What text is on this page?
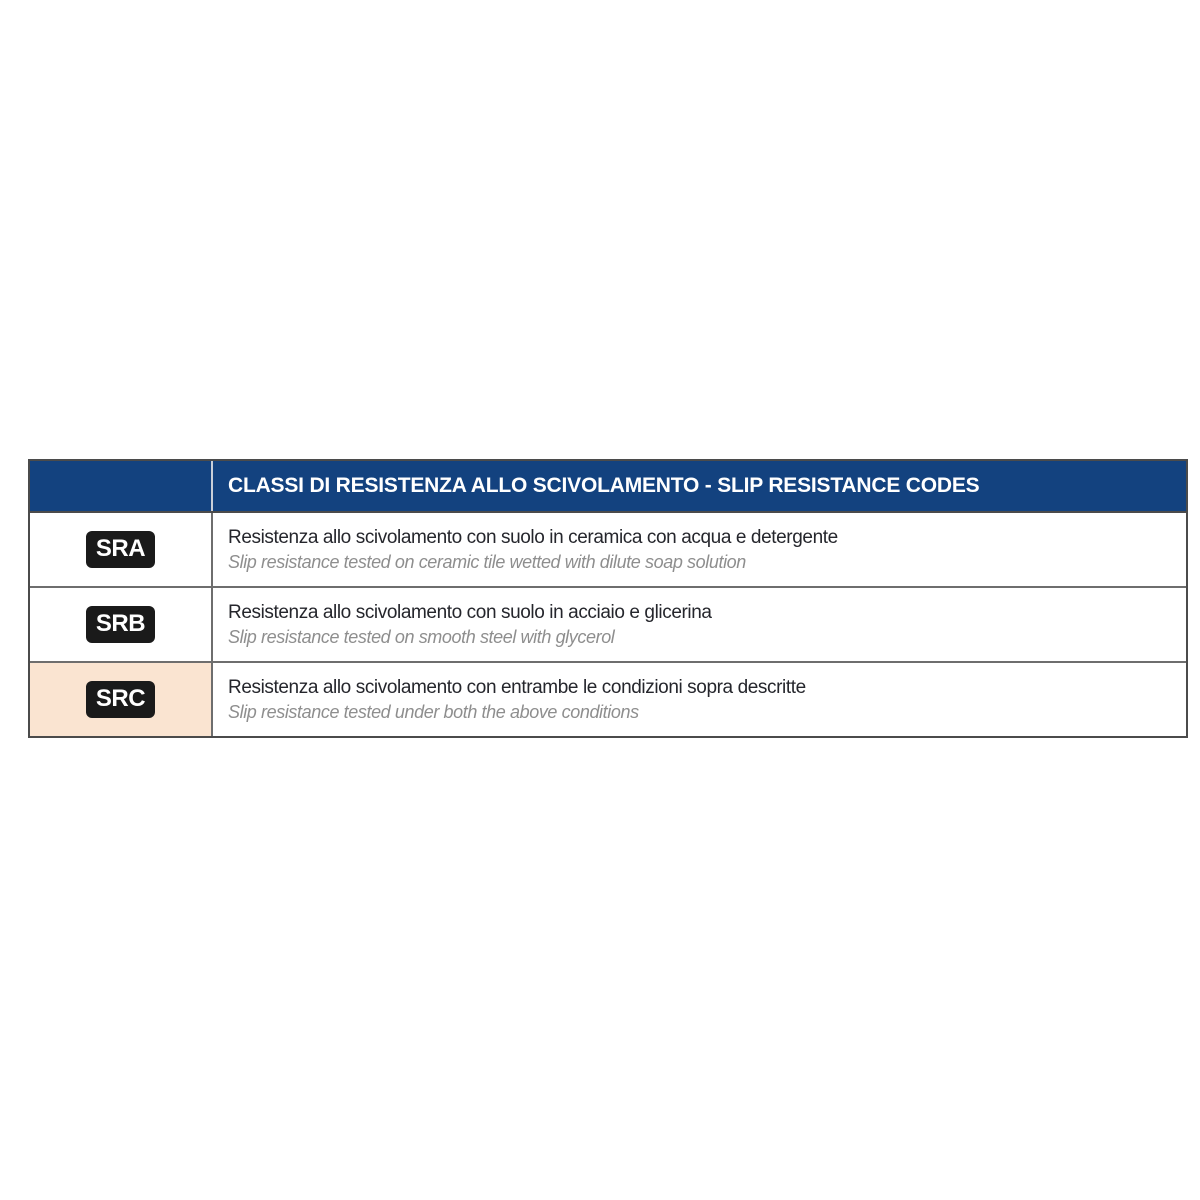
CLASSI DI RESISTENZA ALLO SCIVOLAMENTO - SLIP RESISTANCE CODES
SRA	Resistenza allo scivolamento con suolo in ceramica con acqua e detergente
Slip resistance tested on ceramic tile wetted with dilute soap solution
SRB	Resistenza allo scivolamento con suolo in acciaio e glicerina
Slip resistance tested on smooth steel with glycerol
SRC	Resistenza allo scivolamento con entrambe le condizioni sopra descritte
Slip resistance tested under both the above conditions
